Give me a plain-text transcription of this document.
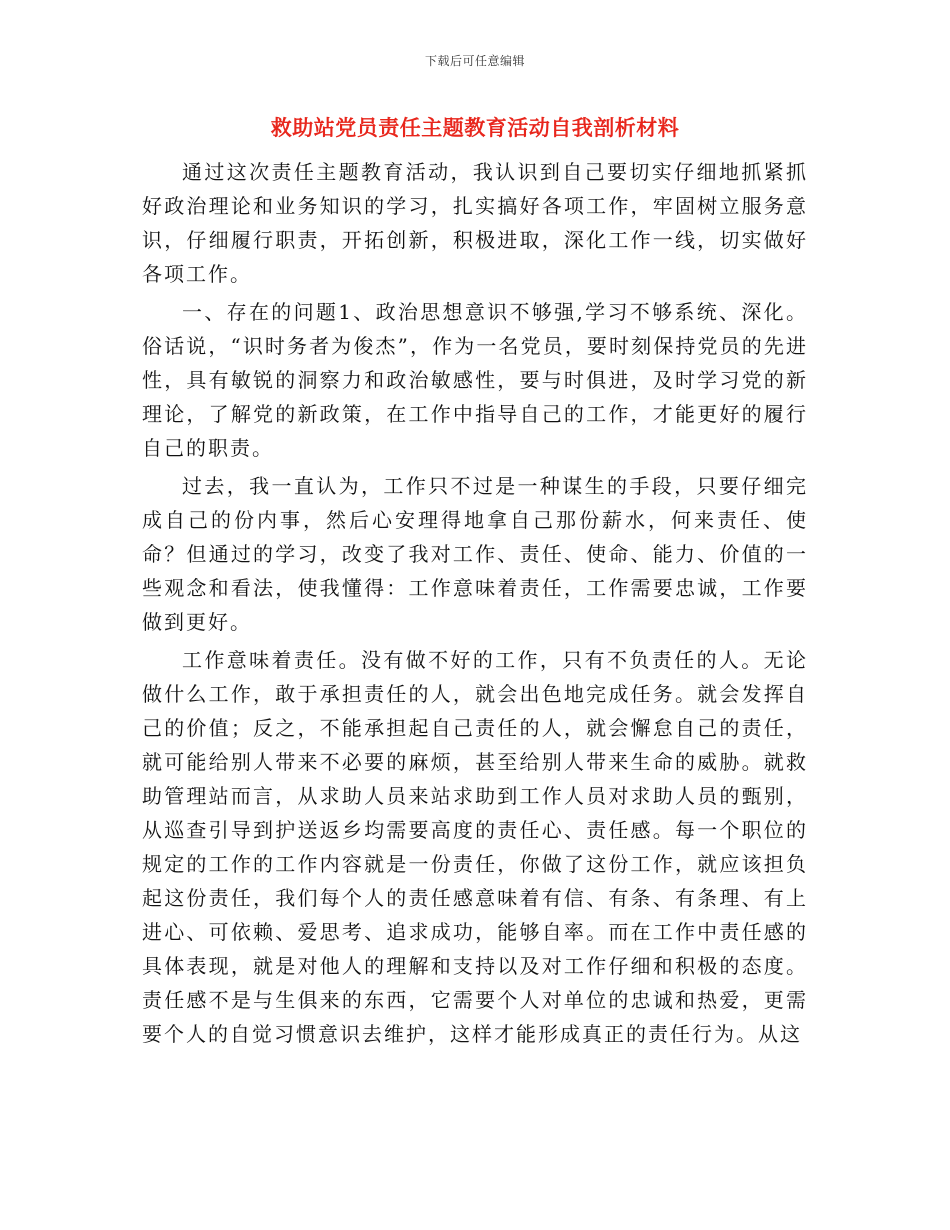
下载后可任意编辑
救助站党员责任主题教育活动自我剖析材料

通过这次责任主题教育活动，我认识到自己要切实仔细地抓紧抓好政治理论和业务知识的学习，扎实搞好各项工作，牢固树立服务意识，仔细履行职责，开拓创新，积极进取，深化工作一线，切实做好各项工作。

一、存在的问题1、政治思想意识不够强,学习不够系统、深化。俗话说，“识时务者为俊杰”，作为一名党员，要时刻保持党员的先进性，具有敏锐的洞察力和政治敏感性，要与时俱进，及时学习党的新理论，了解党的新政策，在工作中指导自己的工作，才能更好的履行自己的职责。

过去，我一直认为，工作只不过是一种谋生的手段，只要仔细完成自己的份内事，然后心安理得地拿自己那份薪水，何来责任、使命？但通过的学习，改变了我对工作、责任、使命、能力、价值的一些观念和看法，使我懂得：工作意味着责任，工作需要忠诚，工作要做到更好。

工作意味着责任。没有做不好的工作，只有不负责任的人。无论做什么工作，敢于承担责任的人，就会出色地完成任务。就会发挥自己的价值；反之，不能承担起自己责任的人，就会懈怠自己的责任，就可能给别人带来不必要的麻烦，甚至给别人带来生命的威胁。就救助管理站而言，从求助人员来站求助到工作人员对求助人员的甄别，从巡查引导到护送返乡均需要高度的责任心、责任感。每一个职位的规定的工作的工作内容就是一份责任，你做了这份工作，就应该担负起这份责任，我们每个人的责任感意味着有信、有条、有条理、有上进心、可依赖、爱思考、追求成功，能够自率。而在工作中责任感的具体表现，就是对他人的理解和支持以及对工作仔细和积极的态度。责任感不是与生俱来的东西，它需要个人对单位的忠诚和热爱，更需要个人的自觉习惯意识去维护，这样才能形成真正的责任行为。从这
